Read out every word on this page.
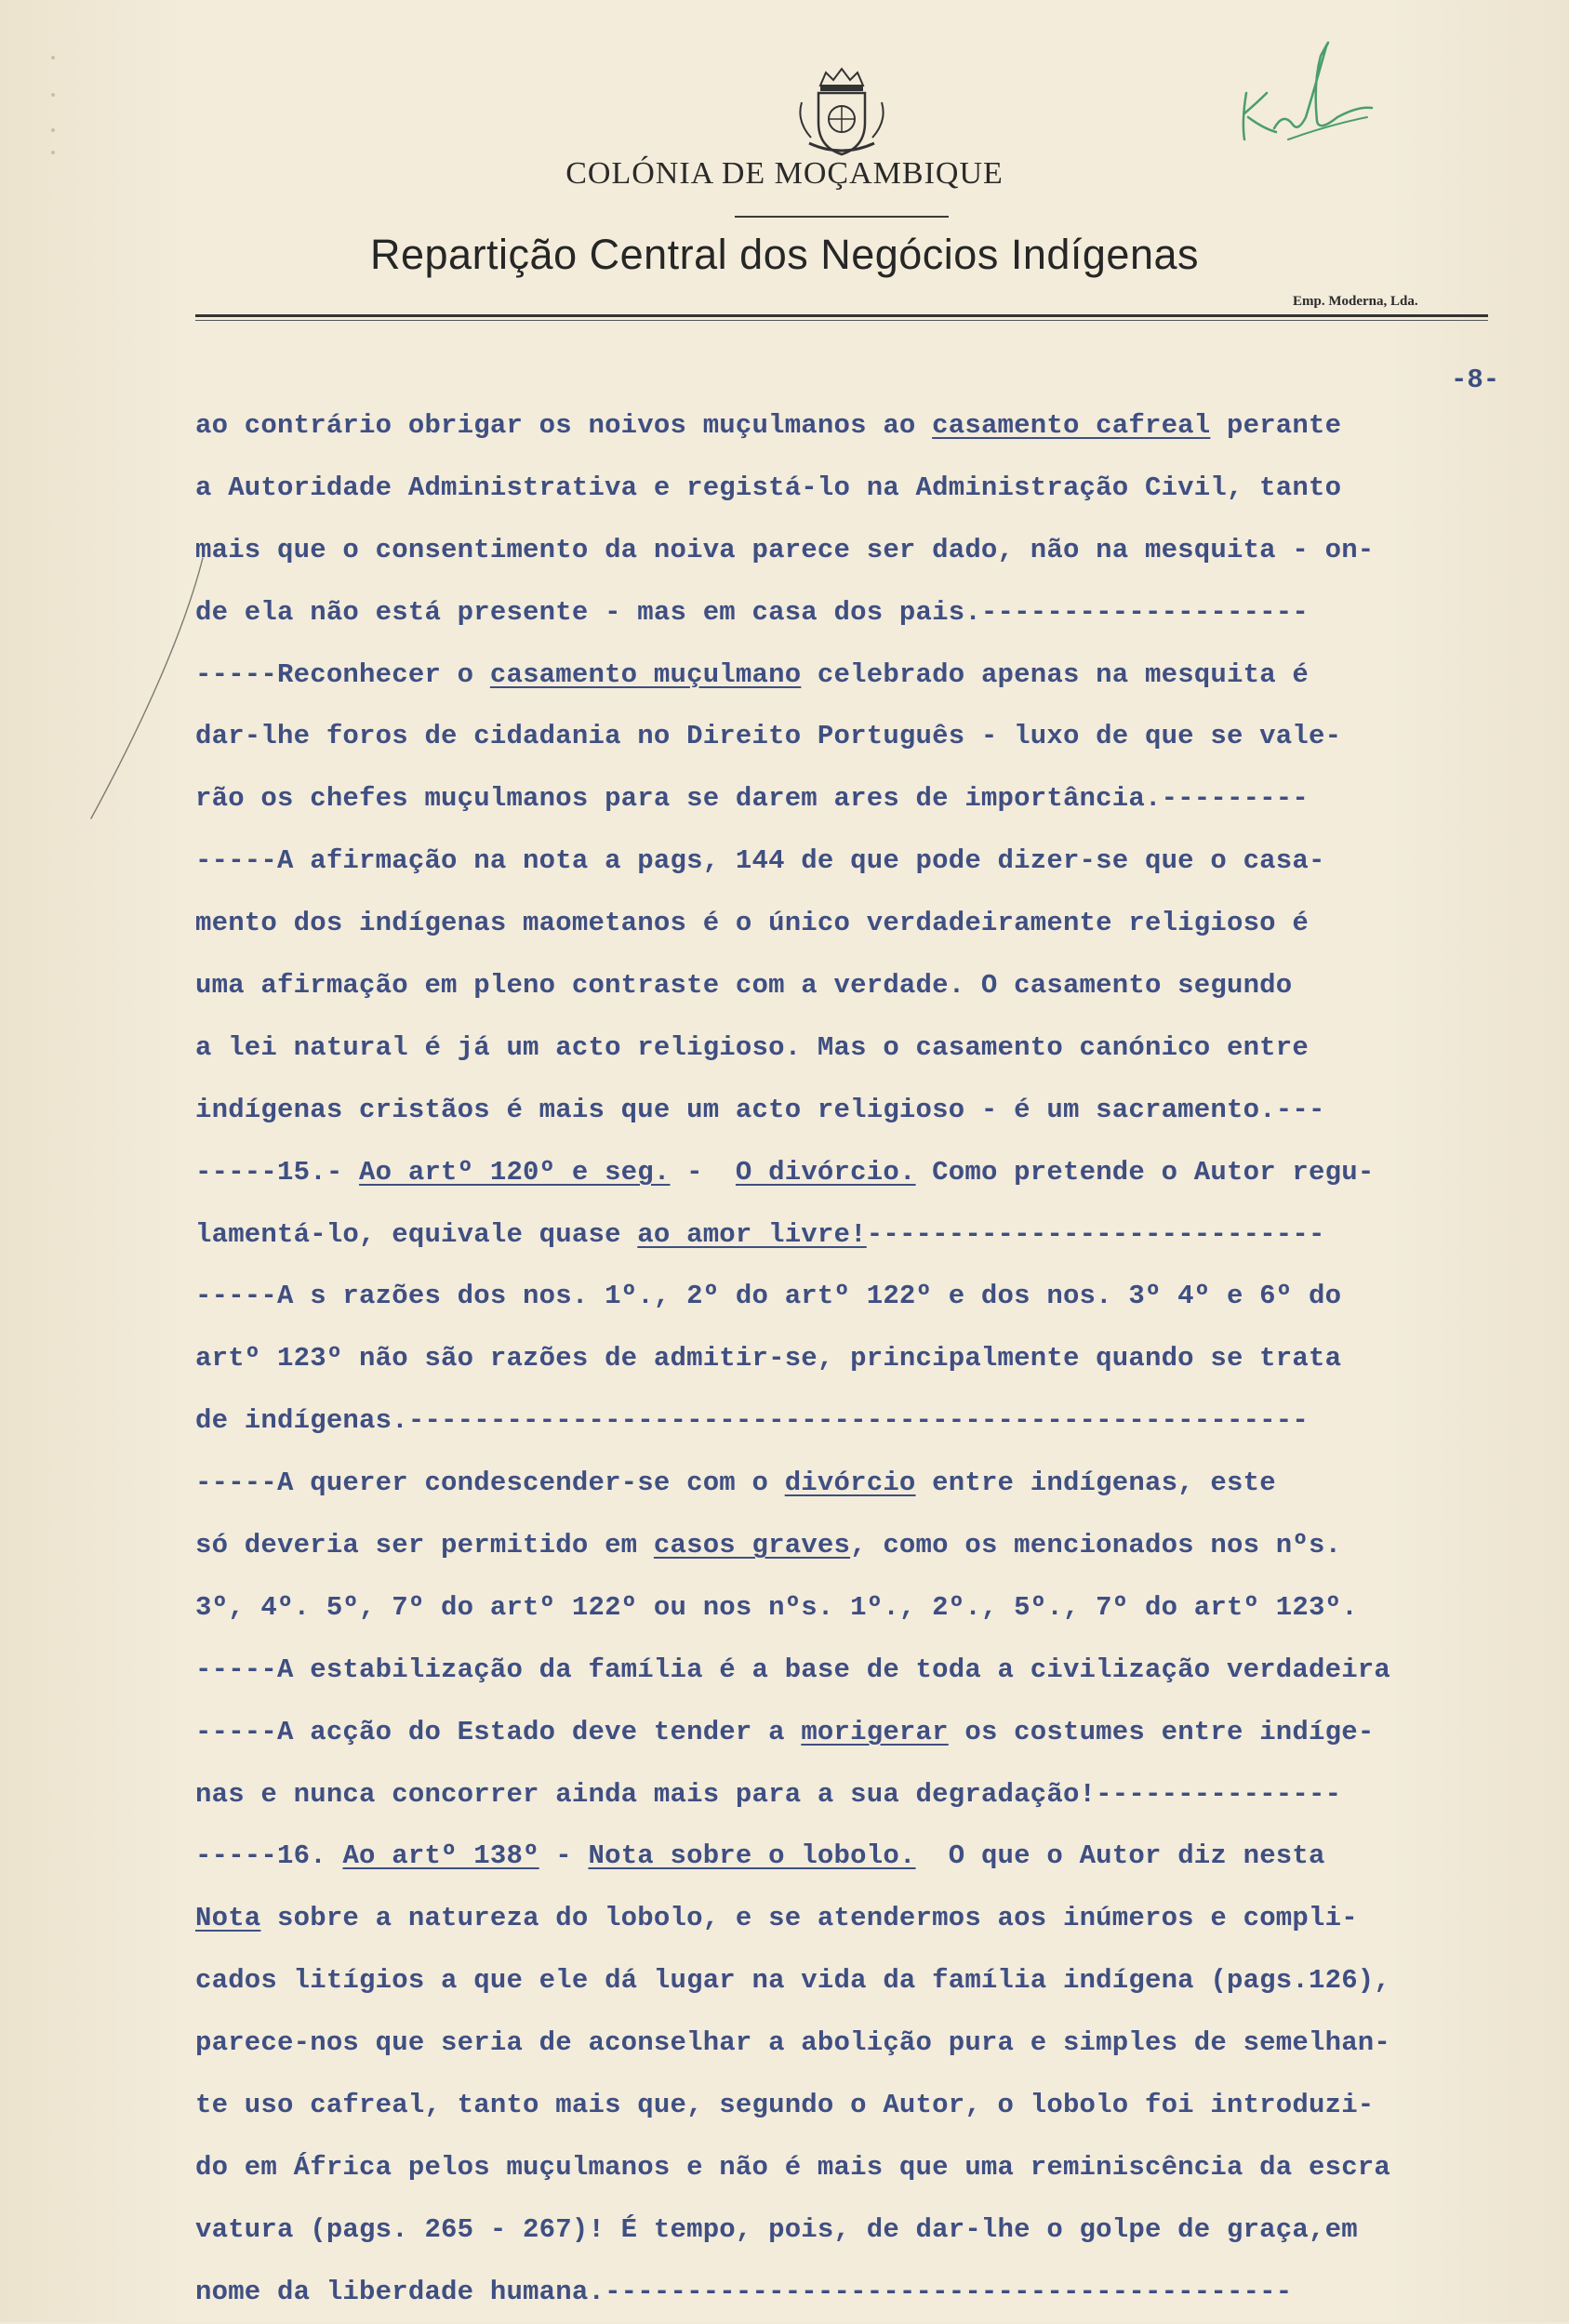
COLÓNIA DE MOÇAMBIQUE
Repartição Central dos Negócios Indígenas
Emp. Moderna, Lda.
-8-
ao contrário obrigar os noivos muçulmanos ao casamento cafreal perante
a Autoridade Administrativa e registá-lo na Administração Civil, tanto
mais que o consentimento da noiva parece ser dado, não na mesquita - on-
de ela não está presente - mas em casa dos pais.--------------------
-----Reconhecer o casamento muçulmano celebrado apenas na mesquita é
dar-lhe foros de cidadania no Direito Português - luxo de que se vale-
rão os chefes muçulmanos para se darem ares de importância.---------
-----A afirmação na nota a pags, 144 de que pode dizer-se que o casa-
mento dos indígenas maometanos é o único verdadeiramente religioso é
uma afirmação em pleno contraste com a verdade. O casamento segundo
a lei natural é já um acto religioso. Mas o casamento canónico entre
indígenas cristãos é mais que um acto religioso - é um sacramento.---
-----15.- Ao artº 120º e seg. -  O divórcio. Como pretende o Autor regu-
lamentá-lo, equivale quase ao amor livre!----------------------------
-----A s razões dos nos. 1º., 2º do artº 122º e dos nos. 3º 4º e 6º do
artº 123º não são razões de admitir-se, principalmente quando se trata
de indígenas.-------------------------------------------------------
-----A querer condescender-se com o divórcio entre indígenas, este
só deveria ser permitido em casos graves, como os mencionados nos nºs.
3º, 4º. 5º, 7º do artº 122º ou nos nºs. 1º., 2º., 5º., 7º do artº 123º.
-----A estabilização da família é a base de toda a civilização verdadeira
-----A acção do Estado deve tender a morigerar os costumes entre indíge-
nas e nunca concorrer ainda mais para a sua degradação!---------------
-----16. Ao artº 138º - Nota sobre o lobolo.  O que o Autor diz nesta
Nota sobre a natureza do lobolo, e se atendermos aos inúmeros e compli-
cados litígios a que ele dá lugar na vida da família indígena (pags.126),
parece-nos que seria de aconselhar a abolição pura e simples de semelhan-
te uso cafreal, tanto mais que, segundo o Autor, o lobolo foi introduzi-
do em África pelos muçulmanos e não é mais que uma reminiscência da escra
vatura (pags. 265 - 267)! É tempo, pois, de dar-lhe o golpe de graça,em
nome da liberdade humana.------------------------------------------
